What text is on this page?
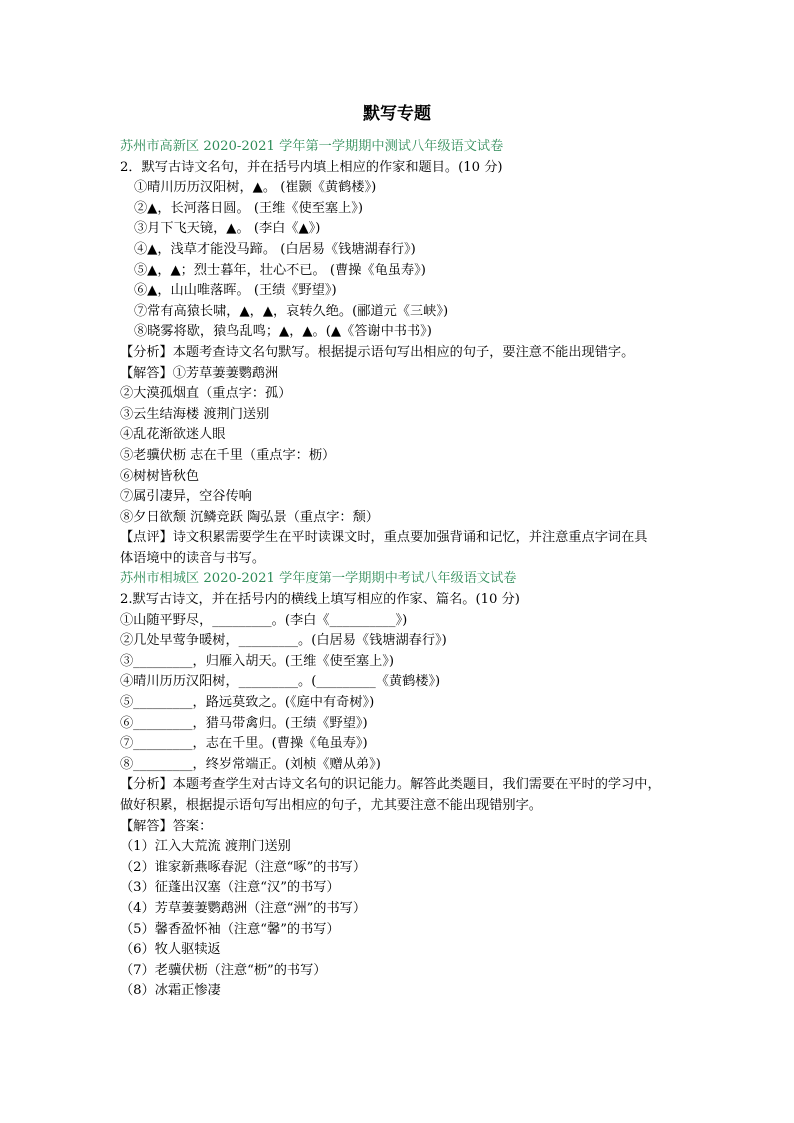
默写专题
苏州市高新区 2020-2021 学年第一学期期中测试八年级语文试卷
2．默写古诗文名句，并在括号内填上相应的作家和题目。(10 分)
①晴川历历汉阳树，▲。 (崔颢《黄鹤楼》)
②▲，长河落日圆。 (王维《使至塞上》)
③月下飞天镜，▲。 (李白《▲》)
④▲，浅草才能没马蹄。 (白居易《钱塘湖春行》)
⑤▲，▲；烈士暮年，壮心不已。 (曹操《龟虽寿》)
⑥▲，山山唯落晖。 (王绩《野望》)
⑦常有高猿长啸，▲，▲，哀转久绝。(郦道元《三峡》)
⑧晓雾将歇，猿鸟乱鸣；▲，▲。(▲《答谢中书书》)
【分析】本题考查诗文名句默写。根据提示语句写出相应的句子，要注意不能出现错字。
【解答】①芳草萋萋鹦鹉洲
②大漠孤烟直（重点字：孤）
③云生结海楼 渡荆门送别
④乱花渐欲迷人眼
⑤老骥伏枥 志在千里（重点字：枥）
⑥树树皆秋色
⑦属引凄异，空谷传响
⑧夕日欲颓 沉鳞竞跃 陶弘景（重点字：颓）
【点评】诗文积累需要学生在平时读课文时，重点要加强背诵和记忆，并注意重点字词在具
体语境中的读音与书写。
苏州市相城区 2020-2021 学年度第一学期期中考试八年级语文试卷
2.默写古诗文，并在括号内的横线上填写相应的作家、篇名。(10 分)
①山随平野尽，_________。(李白《__________》)
②几处早莺争暖树，_________。(白居易《钱塘湖春行》)
③_________，归雁入胡天。(王维《使至塞上》)
④晴川历历汉阳树，_________。(_________《黄鹤楼》)
⑤_________，路远莫致之。(《庭中有奇树》)
⑥_________，猎马带禽归。(王绩《野望》)
⑦_________，志在千里。(曹操《龟虽寿》)
⑧_________，终岁常端正。(刘桢《赠从弟》)
【分析】本题考查学生对古诗文名句的识记能力。解答此类题目，我们需要在平时的学习中，
做好积累，根据提示语句写出相应的句子，尤其要注意不能出现错别字。
【解答】答案：
（1）江入大荒流 渡荆门送别
（2）谁家新燕啄春泥（注意“啄”的书写）
（3）征蓬出汉塞（注意“汉”的书写）
（4）芳草萋萋鹦鹉洲（注意“洲”的书写）
（5）馨香盈怀袖（注意“馨”的书写）
（6）牧人驱犊返
（7）老骥伏枥（注意“枥”的书写）
（8）冰霜正惨凄
